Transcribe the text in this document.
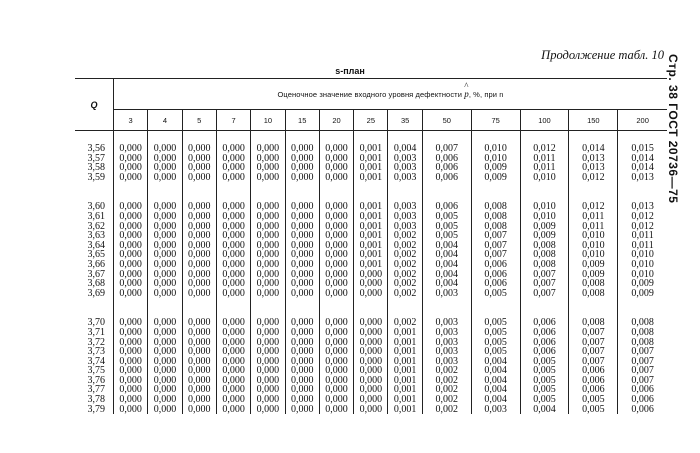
Продолжение табл. 10 Стр. 38 ГОСТ 20736—75
s-план
Q	Оценочное значение входного уровня дефектности p
^
, %, при n													
	3	4	5	7	10	15	20	25	35	50	75	100	150	200

3,56	0,000	0,000	0,000	0,000	0,000	0,000	0,000	0,001	0,004	0,007	0,010	0,012	0,014	0,015
3,57	0,000	0,000	0,000	0,000	0,000	0,000	0,000	0,001	0,003	0,006	0,010	0,011	0,013	0,014
3,58	0,000	0,000	0,000	0,000	0,000	0,000	0,000	0,001	0,003	0,006	0,009	0,011	0,013	0,014
3,59	0,000	0,000	0,000	0,000	0,000	0,000	0,000	0,001	0,003	0,006	0,009	0,010	0,012	0,013

3,60	0,000	0,000	0,000	0,000	0,000	0,000	0,000	0,001	0,003	0,006	0,008	0,010	0,012	0,013
3,61	0,000	0,000	0,000	0,000	0,000	0,000	0,000	0,001	0,003	0,005	0,008	0,010	0,011	0,012
3,62	0,000	0,000	0,000	0,000	0,000	0,000	0,000	0,001	0,003	0,005	0,008	0,009	0,011	0,012
3,63	0,000	0,000	0,000	0,000	0,000	0,000	0,000	0,001	0,002	0,005	0,007	0,009	0,010	0,011
3,64	0,000	0,000	0,000	0,000	0,000	0,000	0,000	0,001	0,002	0,004	0,007	0,008	0,010	0,011
3,65	0,000	0,000	0,000	0,000	0,000	0,000	0,000	0,001	0,002	0,004	0,007	0,008	0,010	0,010
3,66	0,000	0,000	0,000	0,000	0,000	0,000	0,000	0,001	0,002	0,004	0,006	0,008	0,009	0,010
3,67	0,000	0,000	0,000	0,000	0,000	0,000	0,000	0,000	0,002	0,004	0,006	0,007	0,009	0,010
3,68	0,000	0,000	0,000	0,000	0,000	0,000	0,000	0,000	0,002	0,004	0,006	0,007	0,008	0,009
3,69	0,000	0,000	0,000	0,000	0,000	0,000	0,000	0,000	0,002	0,003	0,005	0,007	0,008	0,009

3,70	0,000	0,000	0,000	0,000	0,000	0,000	0,000	0,000	0,002	0,003	0,005	0,006	0,008	0,008
3,71	0,000	0,000	0,000	0,000	0,000	0,000	0,000	0,000	0,001	0,003	0,005	0,006	0,007	0,008
3,72	0,000	0,000	0,000	0,000	0,000	0,000	0,000	0,000	0,001	0,003	0,005	0,006	0,007	0,008
3,73	0,000	0,000	0,000	0,000	0,000	0,000	0,000	0,000	0,001	0,003	0,005	0,006	0,007	0,007
3,74	0,000	0,000	0,000	0,000	0,000	0,000	0,000	0,000	0,001	0,003	0,004	0,005	0,007	0,007
3,75	0,000	0,000	0,000	0,000	0,000	0,000	0,000	0,000	0,001	0,002	0,004	0,005	0,006	0,007
3,76	0,000	0,000	0,000	0,000	0,000	0,000	0,000	0,000	0,001	0,002	0,004	0,005	0,006	0,007
3,77	0,000	0,000	0,000	0,000	0,000	0,000	0,000	0,000	0,001	0,002	0,004	0,005	0,006	0,006
3,78	0,000	0,000	0,000	0,000	0,000	0,000	0,000	0,000	0,001	0,002	0,004	0,005	0,005	0,006
3,79	0,000	0,000	0,000	0,000	0,000	0,000	0,000	0,000	0,001	0,002	0,003	0,004	0,005	0,006
